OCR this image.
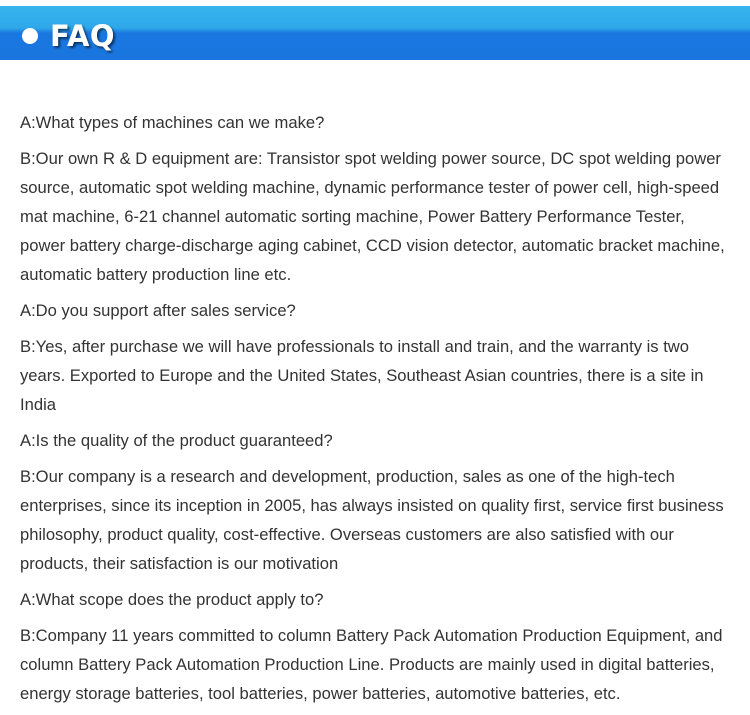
FAQ

A:What types of machines can we make?

B:Our own R & D equipment are: Transistor spot welding power source, DC spot welding power source, automatic spot welding machine, dynamic performance tester of power cell, high-speed mat machine, 6-21 channel automatic sorting machine, Power Battery Performance Tester, power battery charge-discharge aging cabinet, CCD vision detector, automatic bracket machine, automatic battery production line etc.

A:Do you support after sales service?

B:Yes, after purchase we will have professionals to install and train, and the warranty is two years. Exported to Europe and the United States, Southeast Asian countries, there is a site in India

A:Is the quality of the product guaranteed?

B:Our company is a research and development, production, sales as one of the high-tech enterprises, since its inception in 2005, has always insisted on quality first, service first business philosophy, product quality, cost-effective. Overseas customers are also satisfied with our products, their satisfaction is our motivation

A:What scope does the product apply to?

B:Company 11 years committed to column Battery Pack Automation Production Equipment, and column Battery Pack Automation Production Line. Products are mainly used in digital batteries, energy storage batteries, tool batteries, power batteries, automotive batteries, etc.
